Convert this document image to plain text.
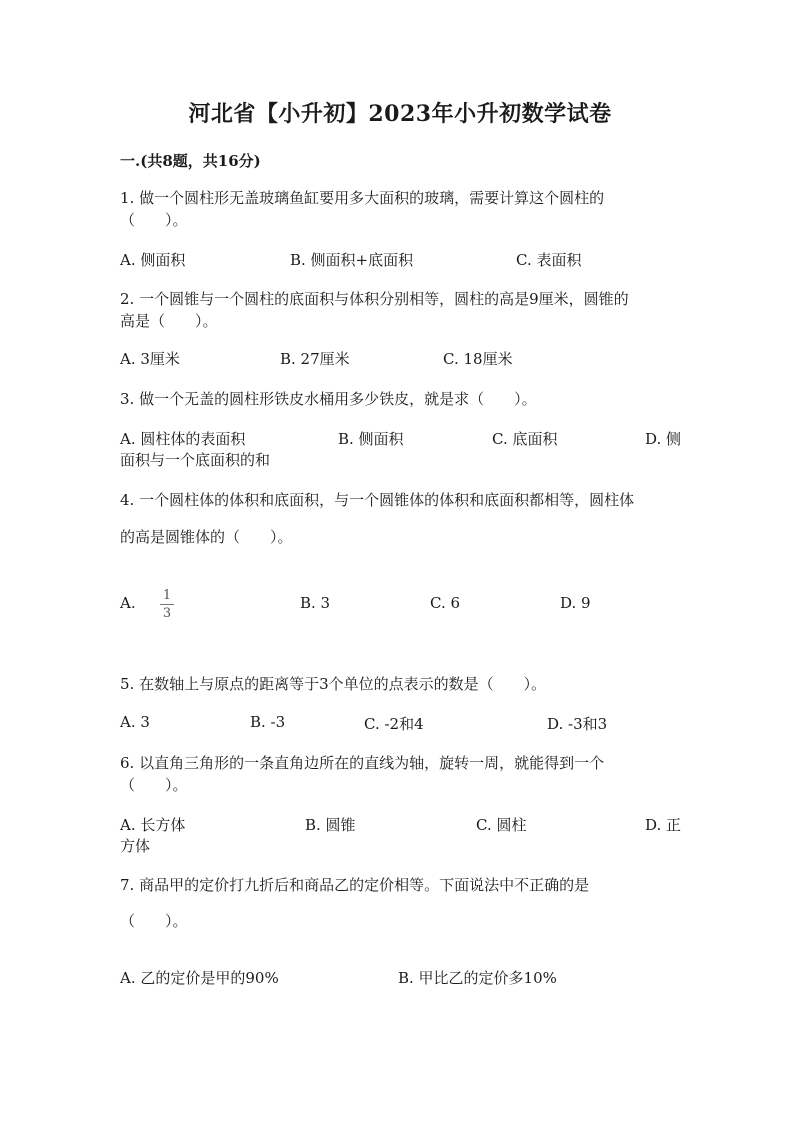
河北省【小升初】2023年小升初数学试卷
一.(共8题，共16分)
1. 做一个圆柱形无盖玻璃鱼缸要用多大面积的玻璃，需要计算这个圆柱的
（　　）。
A. 侧面积	B. 侧面积+底面积	C. 表面积
2. 一个圆锥与一个圆柱的底面积与体积分别相等，圆柱的高是9厘米，圆锥的
高是（　　）。
A. 3厘米	B. 27厘米	C. 18厘米
3. 做一个无盖的圆柱形铁皮水桶用多少铁皮，就是求（　　）。
A. 圆柱体的表面积	B. 侧面积	C. 底面积	D. 侧
面积与一个底面积的和
4. 一个圆柱体的体积和底面积，与一个圆锥体的体积和底面积都相等，圆柱体
的高是圆锥体的（　　）。
A. 1
3
B. 3	C. 6	D. 9
5. 在数轴上与原点的距离等于3个单位的点表示的数是（　　）。
A. 3	B. -3	C. -2和4	D. -3和3
6. 以直角三角形的一条直角边所在的直线为轴，旋转一周，就能得到一个
（　　）。
A. 长方体	B. 圆锥	C. 圆柱	D. 正
方体
7. 商品甲的定价打九折后和商品乙的定价相等。下面说法中不正确的是
（　　）。
A. 乙的定价是甲的90%	B. 甲比乙的定价多10%
